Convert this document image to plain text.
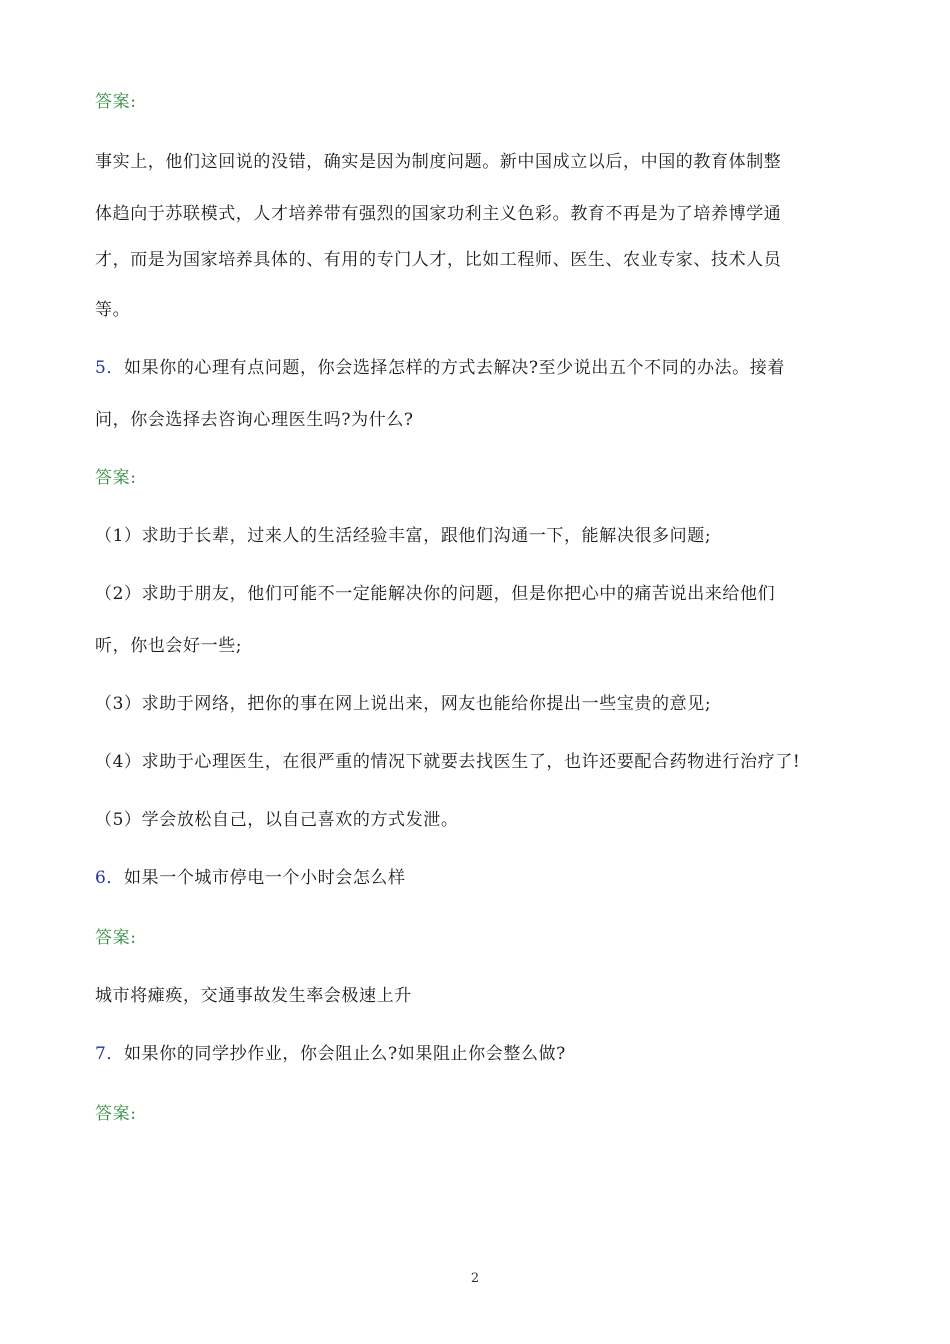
答案:
事实上，他们这回说的没错，确实是因为制度问题。新中国成立以后，中国的教育体制整
体趋向于苏联模式，人才培养带有强烈的国家功利主义色彩。教育不再是为了培养博学通
才，而是为国家培养具体的、有用的专门人才，比如工程师、医生、农业专家、技术人员
等。
5．如果你的心理有点问题，你会选择怎样的方式去解决?至少说出五个不同的办法。接着
问，你会选择去咨询心理医生吗?为什么?
答案:
（1）求助于长辈，过来人的生活经验丰富，跟他们沟通一下，能解决很多问题;
（2）求助于朋友，他们可能不一定能解决你的问题，但是你把心中的痛苦说出来给他们
听，你也会好一些;
（3）求助于网络，把你的事在网上说出来，网友也能给你提出一些宝贵的意见;
（4）求助于心理医生，在很严重的情况下就要去找医生了，也许还要配合药物进行治疗了!
（5）学会放松自己，以自己喜欢的方式发泄。
6．如果一个城市停电一个小时会怎么样
答案:
城市将瘫痪，交通事故发生率会极速上升
7．如果你的同学抄作业，你会阻止么?如果阻止你会整么做?
答案:
2
